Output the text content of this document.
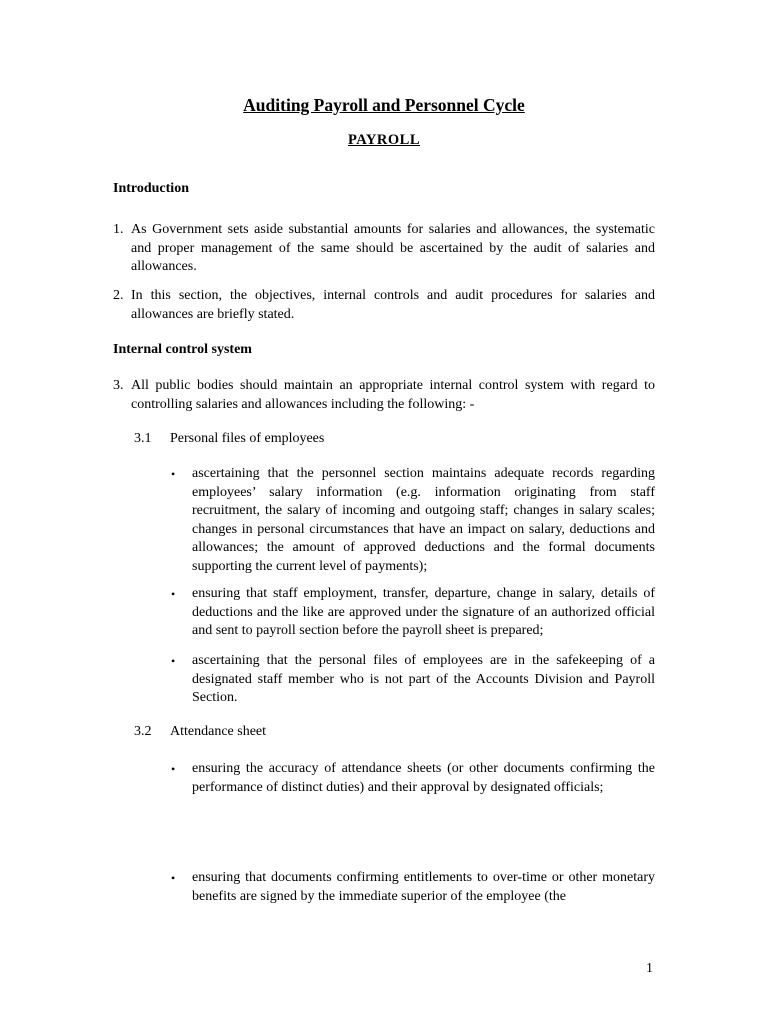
Auditing Payroll and Personnel Cycle
PAYROLL
Introduction
1. As Government sets aside substantial amounts for salaries and allowances, the systematic and proper management of the same should be ascertained by the audit of salaries and allowances.
2. In this section, the objectives, internal controls and audit procedures for salaries and allowances are briefly stated.
Internal control system
3. All public bodies should maintain an appropriate internal control system with regard to controlling salaries and allowances including the following: -
3.1 Personal files of employees
• ascertaining that the personnel section maintains adequate records regarding employees’ salary information (e.g. information originating from staff recruitment, the salary of incoming and outgoing staff; changes in salary scales; changes in personal circumstances that have an impact on salary, deductions and allowances; the amount of approved deductions and the formal documents supporting the current level of payments);
• ensuring that staff employment, transfer, departure, change in salary, details of deductions and the like are approved under the signature of an authorized official and sent to payroll section before the payroll sheet is prepared;
• ascertaining that the personal files of employees are in the safekeeping of a designated staff member who is not part of the Accounts Division and Payroll Section.
3.2 Attendance sheet
• ensuring the accuracy of attendance sheets (or other documents confirming the performance of distinct duties) and their approval by designated officials;
• ensuring that documents confirming entitlements to over-time or other monetary benefits are signed by the immediate superior of the employee (the
1
